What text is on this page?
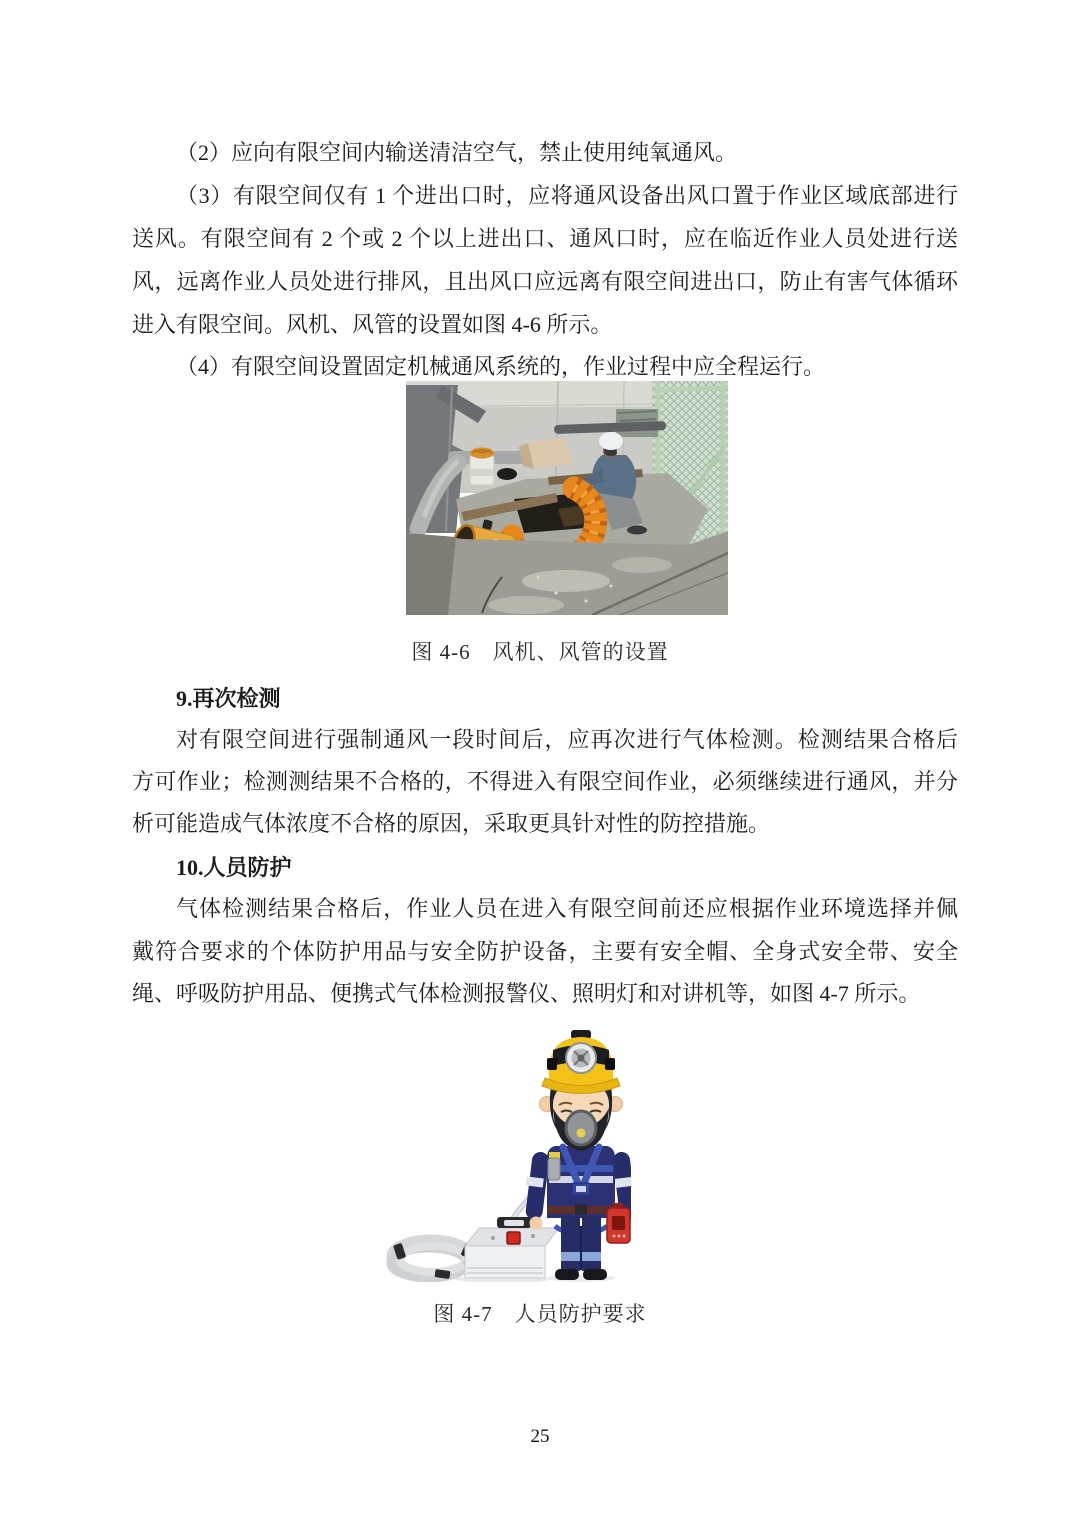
（2）应向有限空间内输送清洁空气，禁止使用纯氧通风。
（3）有限空间仅有 1 个进出口时，应将通风设备出风口置于作业区域底部进行
送风。有限空间有 2 个或 2 个以上进出口、通风口时，应在临近作业人员处进行送
风，远离作业人员处进行排风，且出风口应远离有限空间进出口，防止有害气体循环
进入有限空间。风机、风管的设置如图 4-6 所示。
（4）有限空间设置固定机械通风系统的，作业过程中应全程运行。
图 4-6　风机、风管的设置
9.再次检测
对有限空间进行强制通风一段时间后，应再次进行气体检测。检测结果合格后
方可作业；检测测结果不合格的，不得进入有限空间作业，必须继续进行通风，并分
析可能造成气体浓度不合格的原因，采取更具针对性的防控措施。
10.人员防护
气体检测结果合格后，作业人员在进入有限空间前还应根据作业环境选择并佩
戴符合要求的个体防护用品与安全防护设备，主要有安全帽、全身式安全带、安全
绳、呼吸防护用品、便携式气体检测报警仪、照明灯和对讲机等，如图 4-7 所示。
图 4-7　人员防护要求
25
